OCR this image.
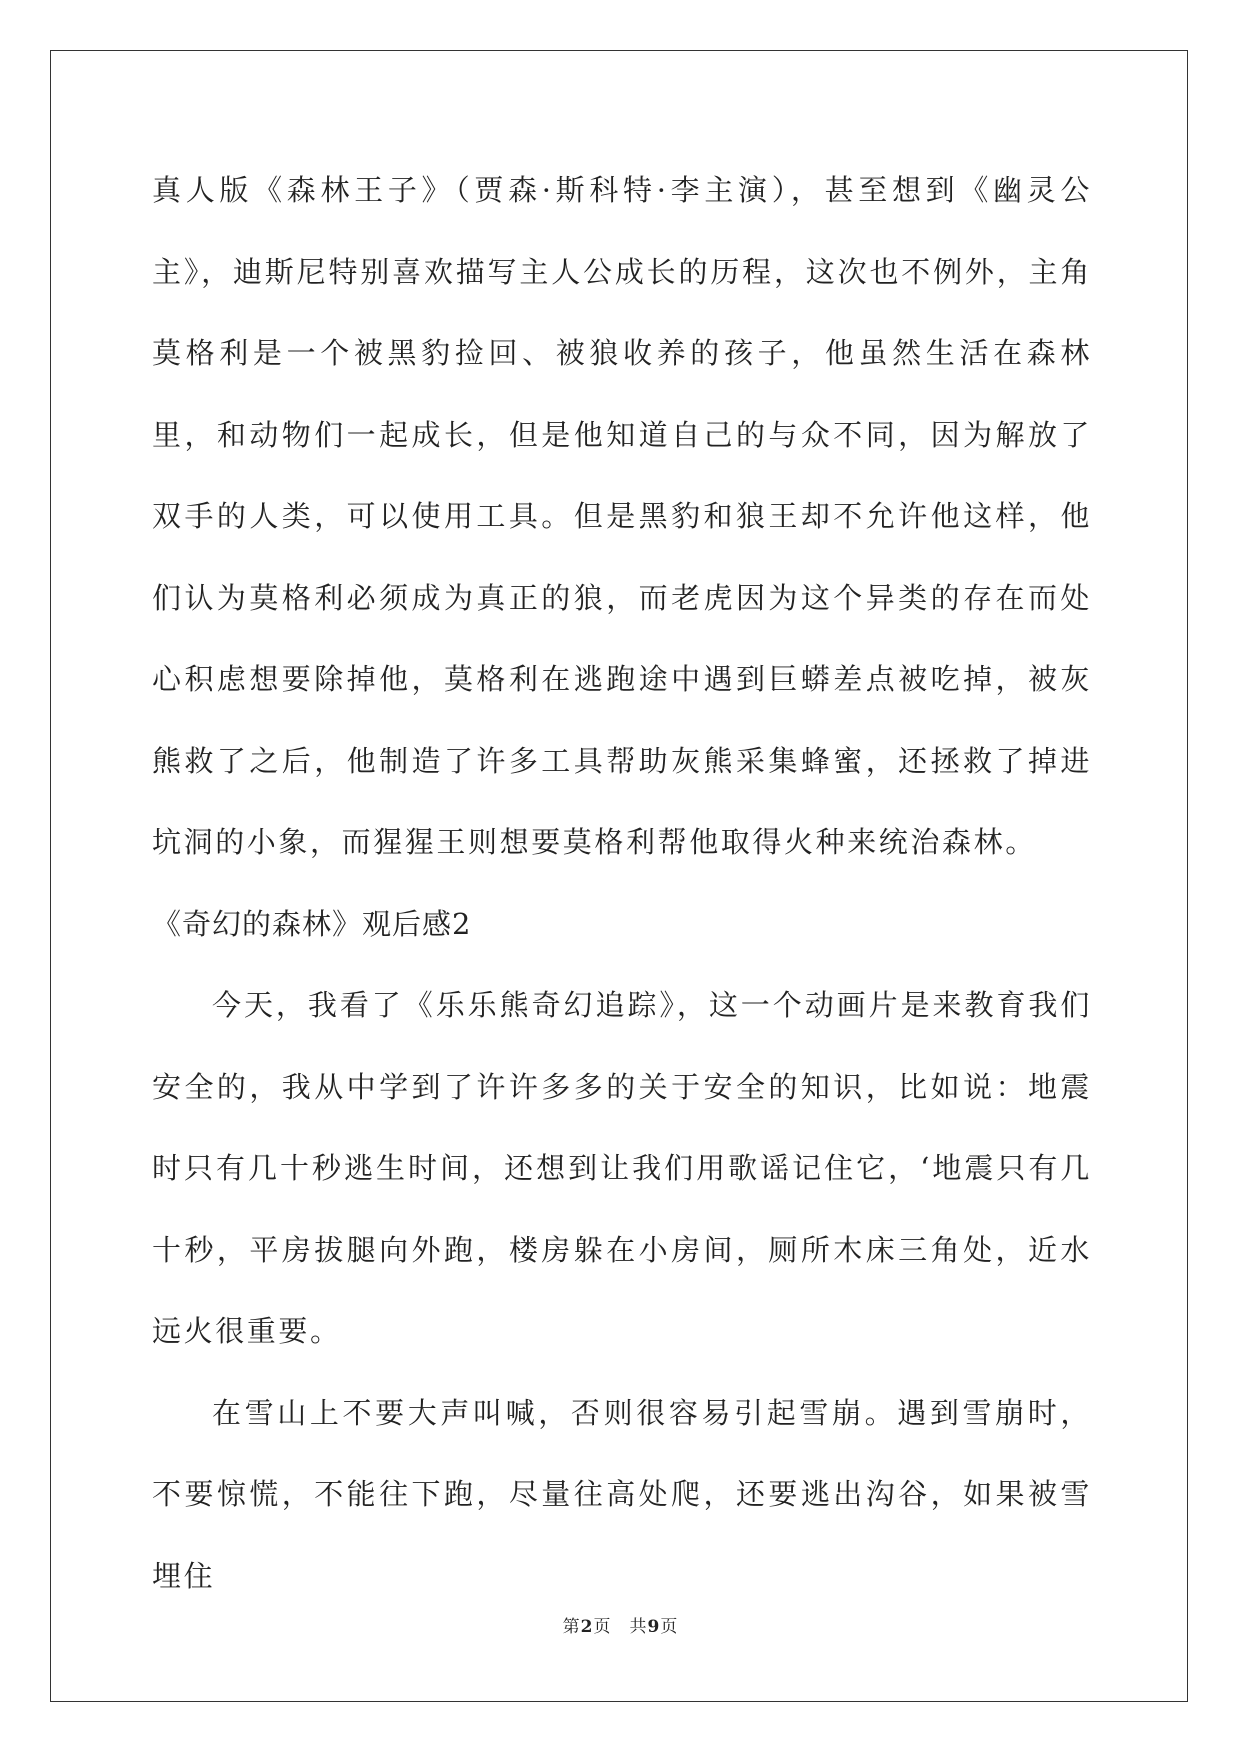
真人版《森林王子》（贾森·斯科特·李主演），甚至想到《幽灵公主》，迪斯尼特别喜欢描写主人公成长的历程，这次也不例外，主角莫格利是一个被黑豹捡回、被狼收养的孩子，他虽然生活在森林里，和动物们一起成长，但是他知道自己的与众不同，因为解放了双手的人类，可以使用工具。但是黑豹和狼王却不允许他这样，他们认为莫格利必须成为真正的狼，而老虎因为这个异类的存在而处心积虑想要除掉他，莫格利在逃跑途中遇到巨蟒差点被吃掉，被灰熊救了之后，他制造了许多工具帮助灰熊采集蜂蜜，还拯救了掉进坑洞的小象，而猩猩王则想要莫格利帮他取得火种来统治森林。

《奇幻的森林》观后感2

今天，我看了《乐乐熊奇幻追踪》，这一个动画片是来教育我们安全的，我从中学到了许许多多的关于安全的知识，比如说：地震时只有几十秒逃生时间，还想到让我们用歌谣记住它，‘地震只有几十秒，平房拔腿向外跑，楼房躲在小房间，厕所木床三角处，近水远火很重要。

在雪山上不要大声叫喊，否则很容易引起雪崩。遇到雪崩时，不要惊慌，不能往下跑，尽量往高处爬，还要逃出沟谷，如果被雪埋住

第2页　共9页
